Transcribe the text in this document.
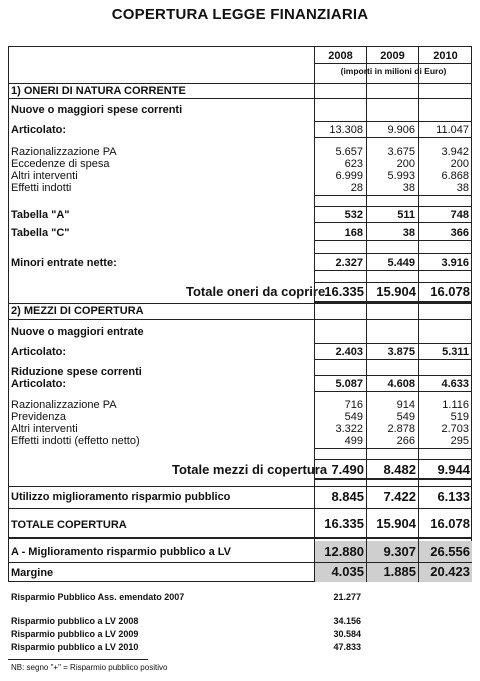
COPERTURA LEGGE FINANZIARIA
2008	2009	2010
(importi in milioni di Euro)
1) ONERI DI NATURA CORRENTE
Nuove o maggiori spese correnti
Articolato:	13.308	9.906	11.047
Razionalizzazione PA	5.657	3.675	3.942
Eccedenze di spesa	623	200	200
Altri interventi	6.999	5.993	6.868
Effetti indotti	28	38	38
Tabella "A"	532	511	748
Tabella "C"	168	38	366
Minori entrate nette:	2.327	5.449	3.916
Totale oneri da coprire 16.335 15.904	16.078
2) MEZZI DI COPERTURA
Nuove o maggiori entrate
Articolato:	2.403	3.875	5.311
Riduzione spese correnti
Articolato:	5.087	4.608	4.633
Razionalizzazione PA	716	914	1.116
Previdenza	549	549	519
Altri interventi	3.322	2.878	2.703
Effetti indotti (effetto netto)	499	266	295
Totale mezzi di copertura 7.490	8.482	9.944
Utilizzo miglioramento risparmio pubblico	8.845	7.422	6.133
TOTALE COPERTURA	16.335 15.904	16.078
A - Miglioramento risparmio pubblico a LV	12.880	9.307	26.556
Margine	4.035	1.885	20.423
Risparmio Pubblico Ass. emendato 2007	21.277
Risparmio pubblico a LV 2008	34.156
Risparmio pubblico a LV 2009	30.584
Risparmio pubblico a LV 2010	47.833
NB: segno "+" = Risparmio pubblico positivo
